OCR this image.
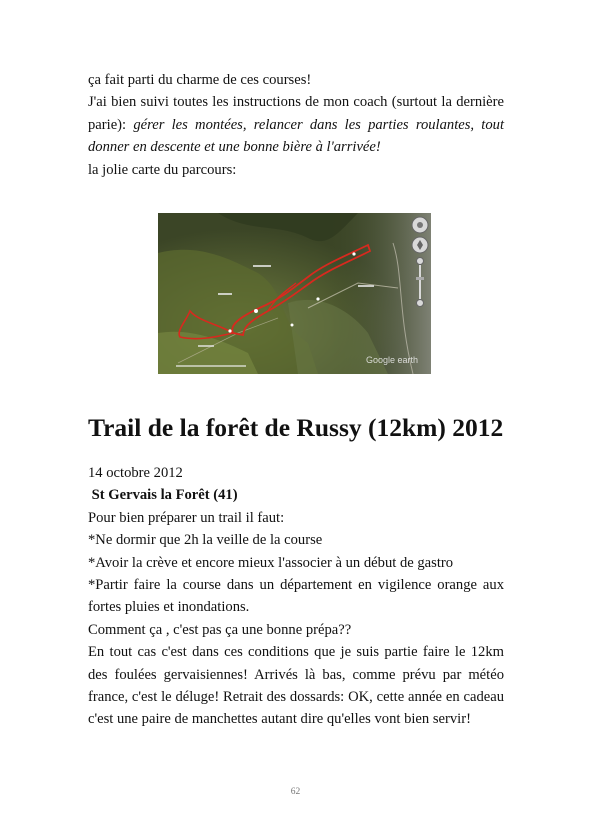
ça fait parti du charme de ces courses!

J'ai bien suivi toutes les instructions de mon coach (surtout la dernière parie): gérer les montées, relancer dans les parties roulantes, tout donner en descente et une bonne bière à l'arrivée!

la jolie carte du parcours:

Google earth
Trail de la forêt de Russy (12km) 2012

14 octobre 2012

St Gervais la Forêt (41)

Pour bien préparer un trail il faut:

*Ne dormir que 2h la veille de la course

*Avoir la crève et encore mieux l'associer à un début de gastro

*Partir faire la course dans un département en vigilence orange aux fortes pluies et inondations.

Comment ça , c'est pas ça une bonne prépa??

En tout cas c'est dans ces conditions que je suis partie faire le 12km des foulées gervaisiennes! Arrivés là bas, comme prévu par météo france, c'est le déluge! Retrait des dossards: OK, cette année en cadeau c'est une paire de manchettes autant dire qu'elles vont bien servir!

62
